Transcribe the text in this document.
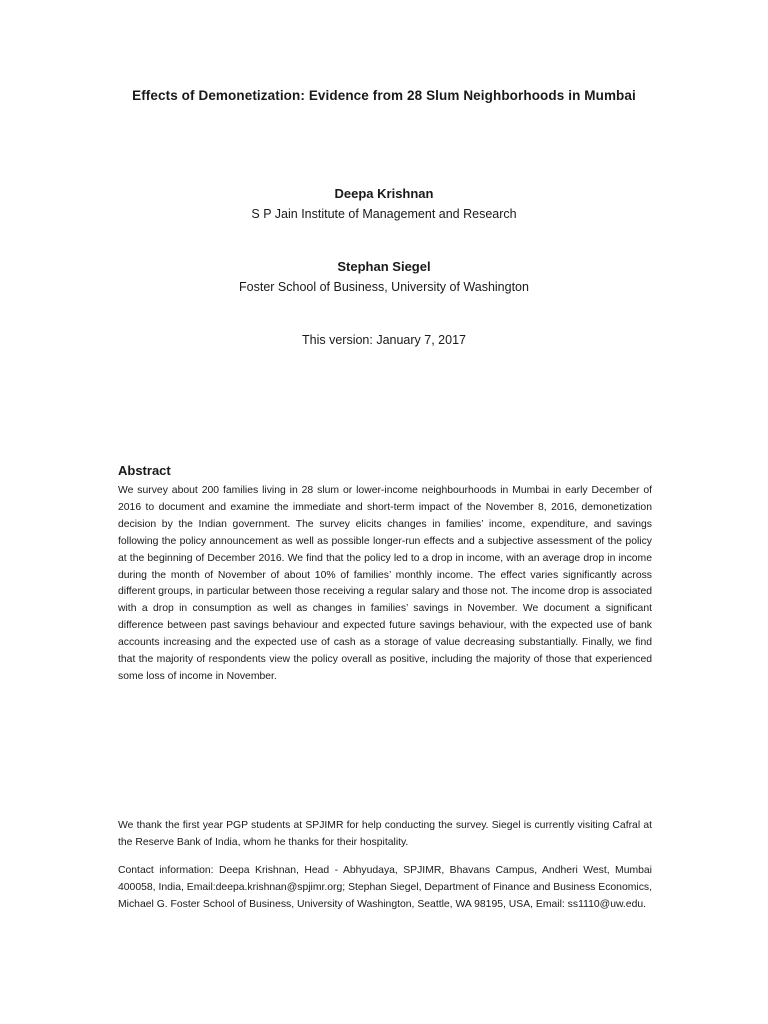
Effects of Demonetization: Evidence from 28 Slum Neighborhoods in Mumbai
Deepa Krishnan
S P Jain Institute of Management and Research
Stephan Siegel
Foster School of Business, University of Washington
This version: January 7, 2017
Abstract

We survey about 200 families living in 28 slum or lower-income neighbourhoods in Mumbai in early December of 2016 to document and examine the immediate and short-term impact of the November 8, 2016, demonetization decision by the Indian government. The survey elicits changes in families’ income, expenditure, and savings following the policy announcement as well as possible longer-run effects and a subjective assessment of the policy at the beginning of December 2016. We find that the policy led to a drop in income, with an average drop in income during the month of November of about 10% of families’ monthly income. The effect varies significantly across different groups, in particular between those receiving a regular salary and those not. The income drop is associated with a drop in consumption as well as changes in families’ savings in November. We document a significant difference between past savings behaviour and expected future savings behaviour, with the expected use of bank accounts increasing and the expected use of cash as a storage of value decreasing substantially. Finally, we find that the majority of respondents view the policy overall as positive, including the majority of those that experienced some loss of income in November.

We thank the first year PGP students at SPJIMR for help conducting the survey. Siegel is currently visiting Cafral at the Reserve Bank of India, whom he thanks for their hospitality.

Contact information: Deepa Krishnan, Head - Abhyudaya, SPJIMR, Bhavans Campus, Andheri West, Mumbai 400058, India, Email:deepa.krishnan@spjimr.org; Stephan Siegel, Department of Finance and Business Economics, Michael G. Foster School of Business, University of Washington, Seattle, WA 98195, USA, Email: ss1110@uw.edu.
